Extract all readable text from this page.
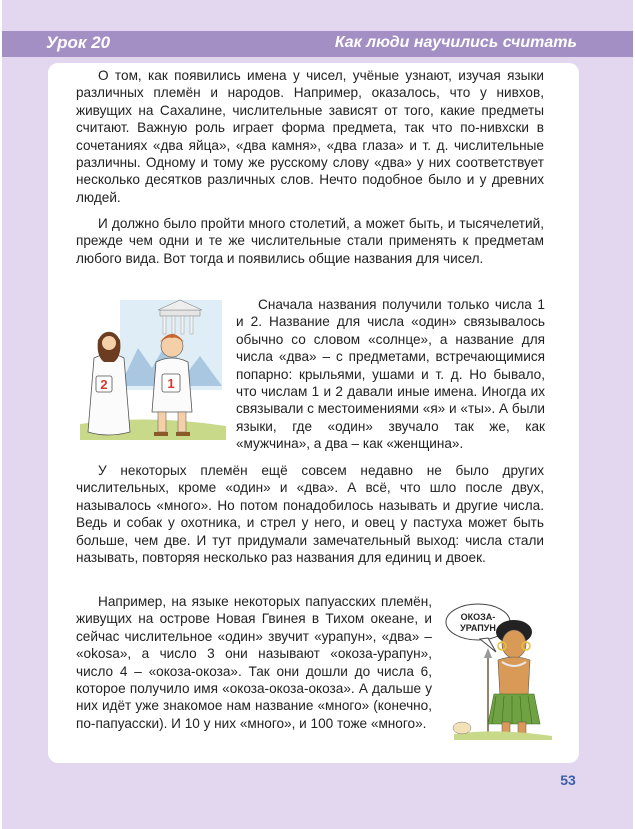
Урок 20	Как люди научились считать

О том, как появились имена у чисел, учёные узнают, изучая языки различных племён и народов. Например, оказалось, что у нивхов, живущих на Сахалине, числительные зависят от того, какие предметы считают. Важную роль играет форма предмета, так что по-нивхски в сочетаниях «два яйца», «два камня», «два глаза» и т. д. числительные различны. Одному и тому же русскому слову «два» у них соответствует несколько десятков различных слов. Нечто подобное было и у древних людей.

И должно было пройти много столетий, а может быть, и тысячелетий, прежде чем одни и те же числительные стали применять к предметам любого вида. Вот тогда и появились общие названия для чисел.

2	1

Сначала названия получили только числа 1 и 2. Название для числа «один» связывалось обычно со словом «солнце», а название для числа «два» – с предметами, встречающимися попарно: крыльями, ушами и т. д. Но бывало, что числам 1 и 2 давали иные имена. Иногда их связывали с местоимениями «я» и «ты». А были языки, где «один» звучало так же, как «мужчина», а два – как «женщина».

У некоторых племён ещё совсем недавно не было других числительных, кроме «один» и «два». А всё, что шло после двух, называлось «много». Но потом понадобилось называть и другие числа. Ведь и собак у охотника, и стрел у него, и овец у пастуха может быть больше, чем две. И тут придумали замечательный выход: числа стали называть, повторяя несколько раз названия для единиц и двоек.

Например, на языке некоторых папуасских племён, живущих на острове Новая Гвинея в Тихом океане, и сейчас числительное «один» звучит «урапун», «два» – «оkosa», а число 3 они называют «окоза-урапун», число 4 – «окоза-окоза». Так они дошли до числа 6, которое получило имя «окоза-окоза-окоза». А дальше у них идёт уже знакомое нам название «много» (конечно, по-папуасски). И 10 у них «много», и 100 тоже «много».

ОКОЗА-
УРАПУН
53
